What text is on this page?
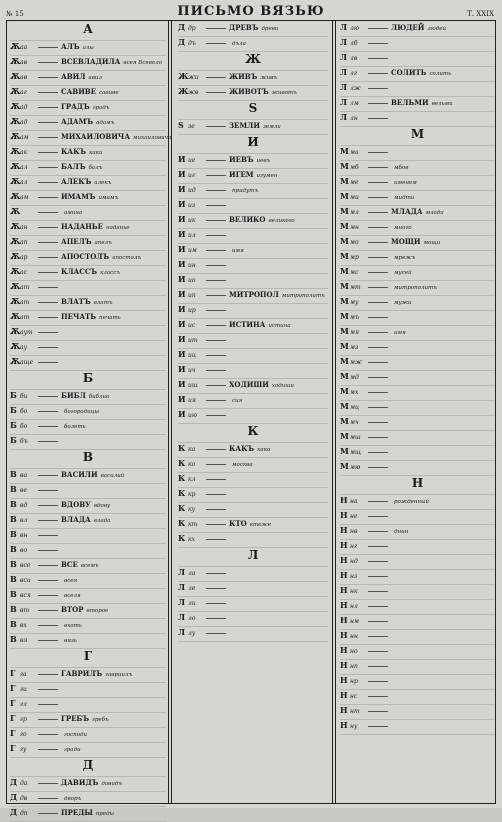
ПИСЬМО ВЯЗЬЮ
№ 15	Т. XXIX
А
Ѫаа	АЛЪ алы
Ѫав	ВСЕВЛАДИЛА всея Всеволо
Ѫав	АВИЛ авил
Ѫаг	САВИВЕ савиве
Ѫад	ГРАДЪ градъ
Ѫад	АДАМЪ адамъ
Ѫам	МИХАИЛОВИЧА михаиловича
Ѫак	КАКЪ каки
Ѫал	БАЛЪ балъ
Ѫал	АЛЕКЪ алекъ
Ѫам	ИМАМЪ имамъ
Ѫ	амина
Ѫан	НАДАНЬЕ наданье
Ѫап	АПЕЛЪ апелъ
Ѫар	АПОСТОЛЪ апостолъ
Ѫас	КЛАССЪ классъ
Ѫат
Ѫат	ВЛАТЪ влатъ
Ѫат	ПЕЧАТЬ печать
Ѫаут
Ѫау
Ѫаще
Б
Б би	БИБЛ библио
Б бо	богородицы
Б бо	болеть
Б бъ
В
В ва	ВАСИЛИ василий
В ве
В вд	ВДОВУ вдову
В вл	ВЛАДА влада
В вн
В во
В все	ВСЕ всемъ
В вси	всея
В вся	вселя
В вт	ВТОР второе
В вх	вхоть
В вя	вязь
Г
Г га	ГАВРИЛЪ гавриилъ
Г ги
Г гл
Г гр	ГРЕБЪ гребъ
Г го	господи
Г гу	гради
Д
Д да	ДАВИДЪ давидъ
Д дв	дворъ
Д дп	ПРЕДЫ преды
Д др	ДРЕВЪ древо
Д дъ	дъла
Ж
Жжи	ЖИВЪ живъ
Жжв	ЖИВОТЪ животъ
Ѕ
Ѕ зе	ЗЕМЛИ земли
И
И ие	ИЕВЪ иевъ
И иг	ИГЕМ игумен
И ид	придутъ
И из
И ик	ВЕЛИКО великого
И ил
И им	имя
И ин
И ио
И ип	МИТРОПОЛ митрополитъ
И ир
И ис	ИСТИНА истина
И ит
И иц
И ич
И иш	ХОДИШИ ходиши
И ия	сия
И ию
К
К ка	КАКЪ како
К ко	москва
К кл
К кр
К ку
К кт	КТО ктоже
К кх
Л
Л ла
Л ле
Л ли
Л ло
Л лу
Л лю	ЛЮДЕЙ людей
Л лб
Л лв
Л лг	СОЛИТЬ солить
Л лж
Л лм	ВЕЛЬМИ вельми
Л лн
М
Мма
Ммб	мбов
Мме	именем
Мми	мидти
Ммл	МЛАДА млада
Ммн	много
Ммо	МОЩИ мощи
Ммр	мрежъ
Ммс	мусей
Ммт	митрополитъ
Мму	мужи
Ммъ
Ммя	имя
Ммз
Ммж
Ммд
Ммх
Ммц
Ммч
Ммш
Ммщ
Ммю
Н
Н на	рожденный
Н не
Н нв	днин
Н нг
Н нд
Н нз
Н нк
Н нл
Н нм
Н нн
Н но
Н нп
Н нр
Н нс
Н нт
Н ну
